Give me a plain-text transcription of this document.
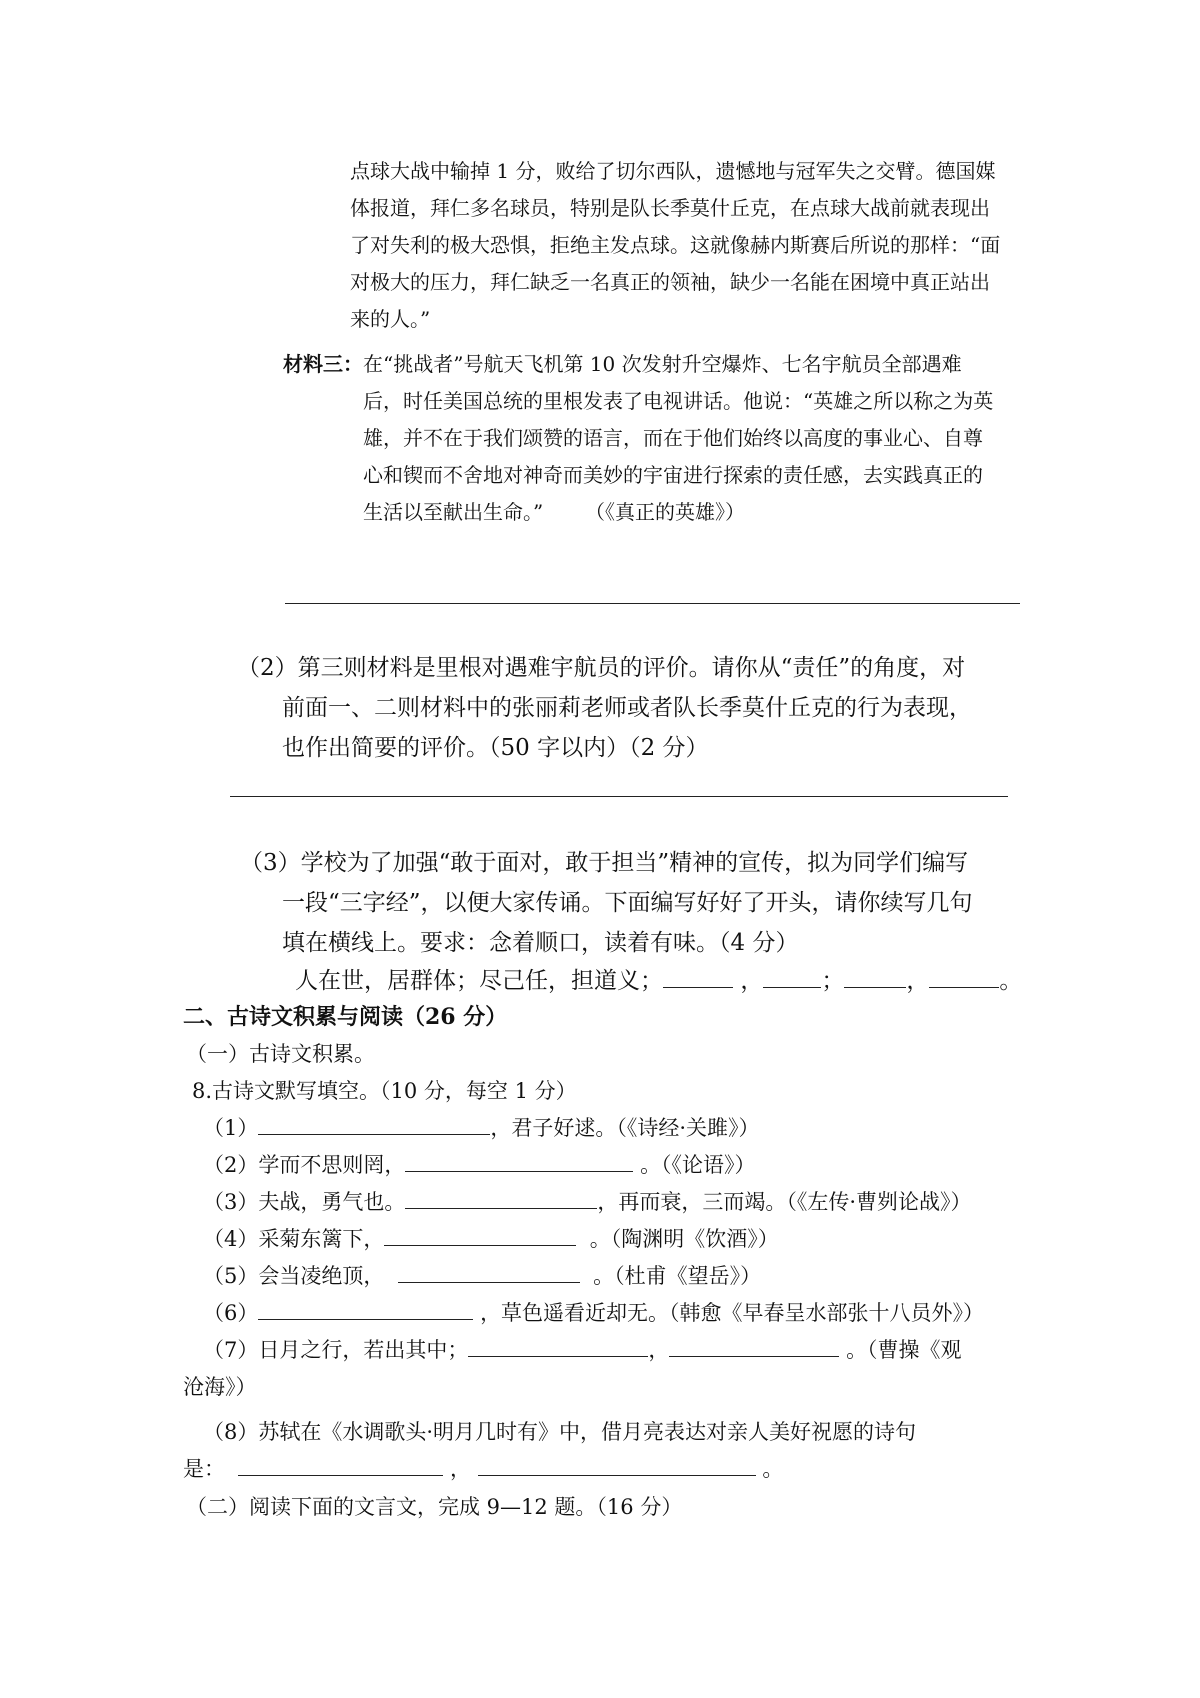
点球大战中输掉 1 分，败给了切尔西队，遗憾地与冠军失之交臂。德国媒

体报道，拜仁多名球员，特别是队长季莫什丘克，在点球大战前就表现出

了对失利的极大恐惧，拒绝主发点球。这就像赫内斯赛后所说的那样：“面

对极大的压力，拜仁缺乏一名真正的领袖，缺少一名能在困境中真正站出

来的人。”

材料三： 在“挑战者”号航天飞机第 10 次发射升空爆炸、七名宇航员全部遇难

后，时任美国总统的里根发表了电视讲话。他说：“英雄之所以称之为英

雄，并不在于我们颂赞的语言，而在于他们始终以高度的事业心、自尊

心和锲而不舍地对神奇而美妙的宇宙进行探索的责任感，去实践真正的

生活以至献出生命。” （《真正的英雄》）

（2）第三则材料是里根对遇难宇航员的评价。请你从“责任”的角度，对

前面一、二则材料中的张丽莉老师或者队长季莫什丘克的行为表现，

也作出简要的评价。（50 字以内）（2 分）

（3）学校为了加强“敢于面对，敢于担当”精神的宣传，拟为同学们编写

一段“三字经”，以便大家传诵。下面编写好好了开头，请你续写几句

填在横线上。要求：念着顺口，读着有味。（4 分）

人在世，居群体；尽己任，担道义；	，	；	，	。

二、古诗文积累与阅读（26 分）

（一）古诗文积累。

8.古诗文默写填空。（10 分，每空 1 分）

（1）	，君子好逑。（《诗经·关雎》）

（2）学而不思则罔，	。（《论语》）

（3）夫战，勇气也。	，再而衰，三而竭。（《左传·曹刿论战》）

（4）采菊东篱下，	。（陶渊明《饮酒》）

（5）会当凌绝顶，	。（杜甫《望岳》）

（6）	，草色遥看近却无。（韩愈《早春呈水部张十八员外》）

（7）日月之行，若出其中；	，	。（曹操《观

沧海》）

（8）苏轼在《水调歌头·明月几时有》中，借月亮表达对亲人美好祝愿的诗句

是：	，	。

（二）阅读下面的文言文，完成 9—12 题。（16 分）
